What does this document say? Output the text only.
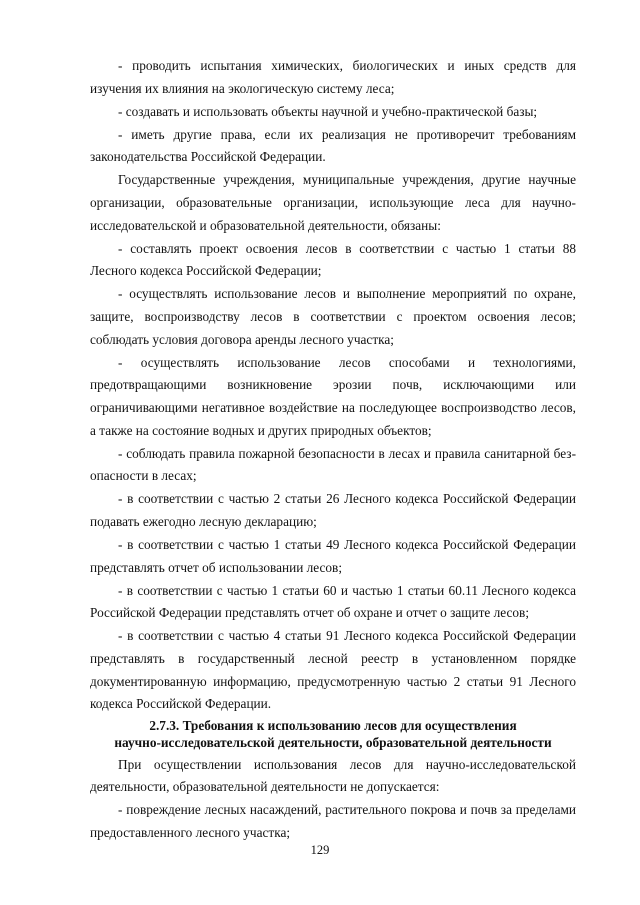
- проводить испытания химических, биологических и иных средств для изучения их влияния на экологическую систему леса;

- создавать и использовать объекты научной и учебно-практической базы;

- иметь другие права, если их реализация не противоречит требованиям законодательства Российской Федерации.

Государственные учреждения, муниципальные учреждения, другие научные организации, образовательные организации, использующие леса для научно-исследовательской и образовательной деятельности, обязаны:

- составлять проект освоения лесов в соответствии с частью 1 статьи 88 Лесного кодекса Российской Федерации;

- осуществлять использование лесов и выполнение мероприятий по охране, защите, воспроизводству лесов в соответствии с проектом освоения лесов; соблюдать условия договора аренды лесного участка;

- осуществлять использование лесов способами и технологиями, предотвращающими возникновение эрозии почв, исключающими или ограничивающими негативное воздействие на последующее воспроизводство лесов, а также на состояние водных и других природных объектов;

- соблюдать правила пожарной безопасности в лесах и правила санитарной безопасности в лесах;

- в соответствии с частью 2 статьи 26 Лесного кодекса Российской Федерации подавать ежегодно лесную декларацию;

- в соответствии с частью 1 статьи 49 Лесного кодекса Российской Федерации представлять отчет об использовании лесов;

- в соответствии с частью 1 статьи 60 и частью 1 статьи 60.11 Лесного кодекса Российской Федерации представлять отчет об охране и отчет о защите лесов;

- в соответствии с частью 4 статьи 91 Лесного кодекса Российской Федерации представлять в государственный лесной реестр в установленном порядке документированную информацию, предусмотренную частью 2 статьи 91 Лесного кодекса Российской Федерации.

2.7.3. Требования к использованию лесов для осуществления
научно-исследовательской деятельности, образовательной деятельности

При осуществлении использования лесов для научно-исследовательской деятельности, образовательной деятельности не допускается:

- повреждение лесных насаждений, растительного покрова и почв за пределами предоставленного лесного участка;

129
